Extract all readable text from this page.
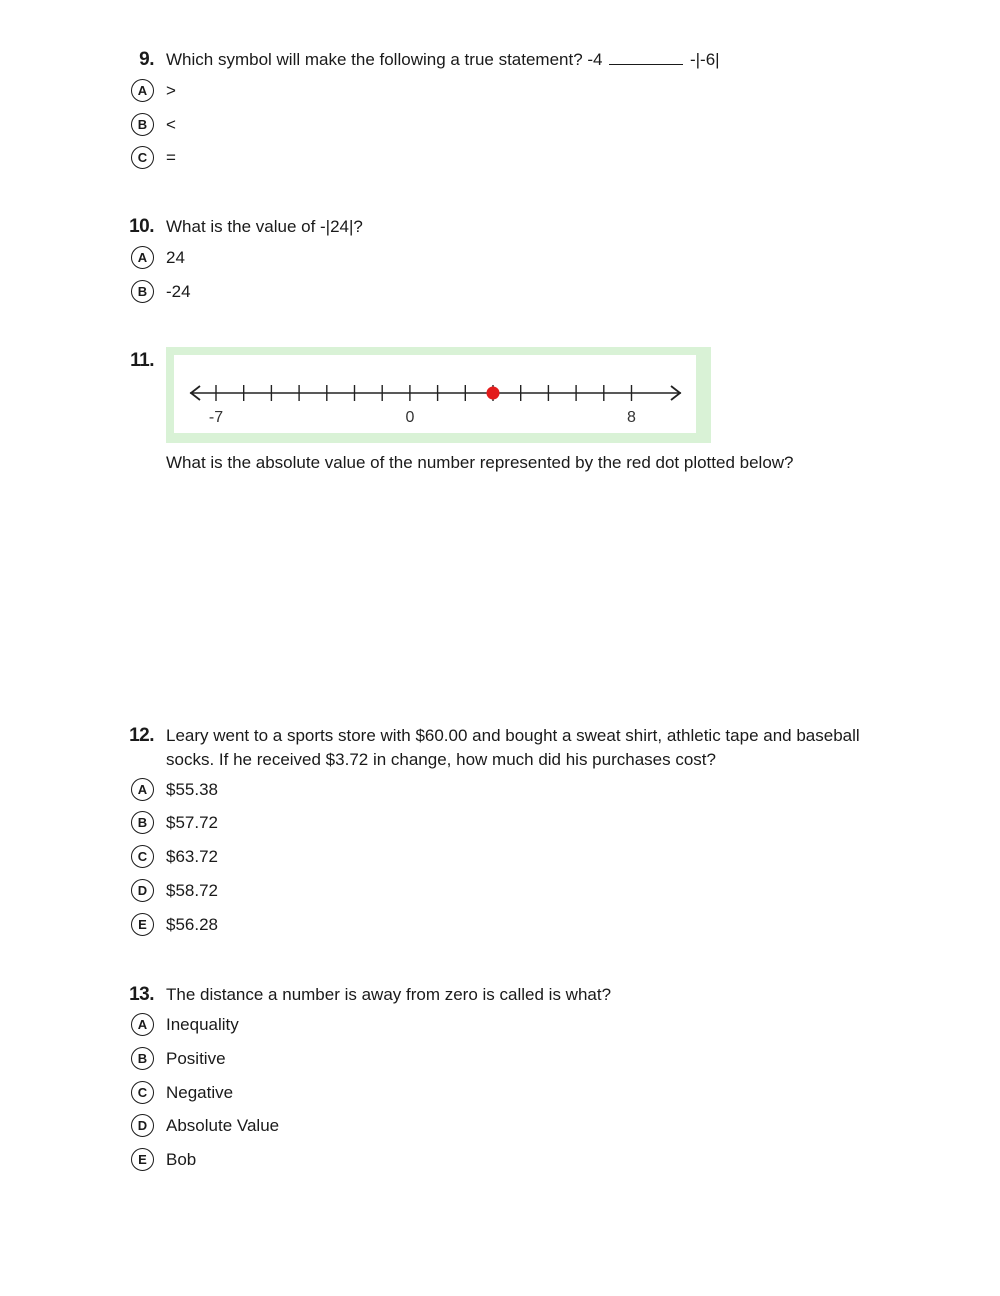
9. Which symbol will make the following a true statement? -4	-|-6|
A	>
B	<
C	=
10. What is the value of -|24|?
A	24
B	-24
11.
-7	0	8
What is the absolute value of the number represented by the red dot plotted below?
12. Leary went to a sports store with $60.00 and bought a sweat shirt, athletic tape and baseball socks. If he received $3.72 in change, how much did his purchases cost?
A	$55.38
B	$57.72
C	$63.72
D	$58.72
E	$56.28
13. The distance a number is away from zero is called is what?
A	Inequality
B	Positive
C	Negative
D	Absolute Value
E	Bob
